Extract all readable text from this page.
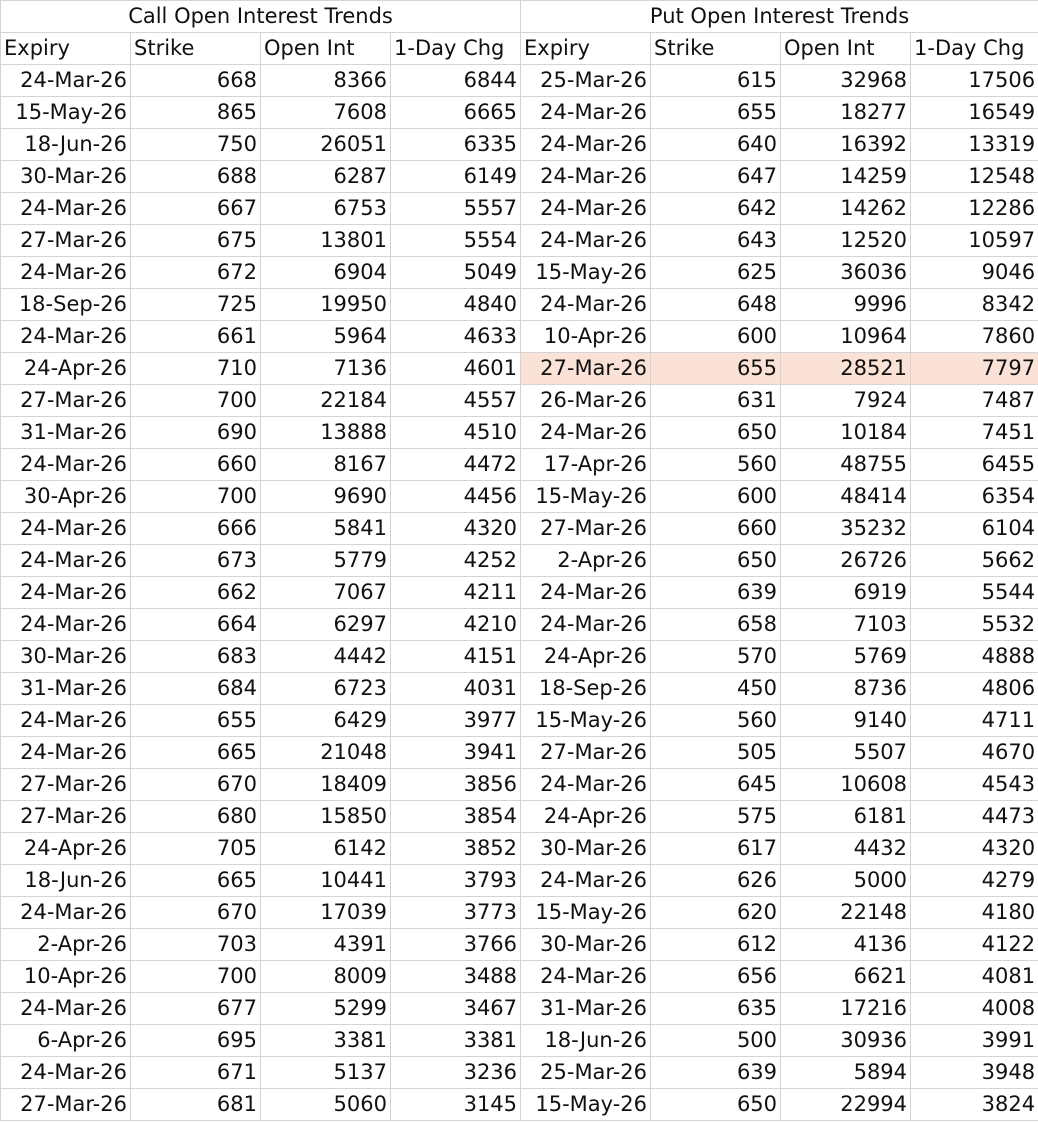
Call Open Interest Trends				Put Open Interest Trends			
Expiry	Strike	Open Int	1-Day Chg	Expiry	Strike	Open Int	1-Day Chg
24-Mar-26	668	8366	6844	25-Mar-26	615	32968	17506
15-May-26	865	7608	6665	24-Mar-26	655	18277	16549
18-Jun-26	750	26051	6335	24-Mar-26	640	16392	13319
30-Mar-26	688	6287	6149	24-Mar-26	647	14259	12548
24-Mar-26	667	6753	5557	24-Mar-26	642	14262	12286
27-Mar-26	675	13801	5554	24-Mar-26	643	12520	10597
24-Mar-26	672	6904	5049	15-May-26	625	36036	9046
18-Sep-26	725	19950	4840	24-Mar-26	648	9996	8342
24-Mar-26	661	5964	4633	10-Apr-26	600	10964	7860
24-Apr-26	710	7136	4601	27-Mar-26	655	28521	7797
27-Mar-26	700	22184	4557	26-Mar-26	631	7924	7487
31-Mar-26	690	13888	4510	24-Mar-26	650	10184	7451
24-Mar-26	660	8167	4472	17-Apr-26	560	48755	6455
30-Apr-26	700	9690	4456	15-May-26	600	48414	6354
24-Mar-26	666	5841	4320	27-Mar-26	660	35232	6104
24-Mar-26	673	5779	4252	2-Apr-26	650	26726	5662
24-Mar-26	662	7067	4211	24-Mar-26	639	6919	5544
24-Mar-26	664	6297	4210	24-Mar-26	658	7103	5532
30-Mar-26	683	4442	4151	24-Apr-26	570	5769	4888
31-Mar-26	684	6723	4031	18-Sep-26	450	8736	4806
24-Mar-26	655	6429	3977	15-May-26	560	9140	4711
24-Mar-26	665	21048	3941	27-Mar-26	505	5507	4670
27-Mar-26	670	18409	3856	24-Mar-26	645	10608	4543
27-Mar-26	680	15850	3854	24-Apr-26	575	6181	4473
24-Apr-26	705	6142	3852	30-Mar-26	617	4432	4320
18-Jun-26	665	10441	3793	24-Mar-26	626	5000	4279
24-Mar-26	670	17039	3773	15-May-26	620	22148	4180
2-Apr-26	703	4391	3766	30-Mar-26	612	4136	4122
10-Apr-26	700	8009	3488	24-Mar-26	656	6621	4081
24-Mar-26	677	5299	3467	31-Mar-26	635	17216	4008
6-Apr-26	695	3381	3381	18-Jun-26	500	30936	3991
24-Mar-26	671	5137	3236	25-Mar-26	639	5894	3948
27-Mar-26	681	5060	3145	15-May-26	650	22994	3824
